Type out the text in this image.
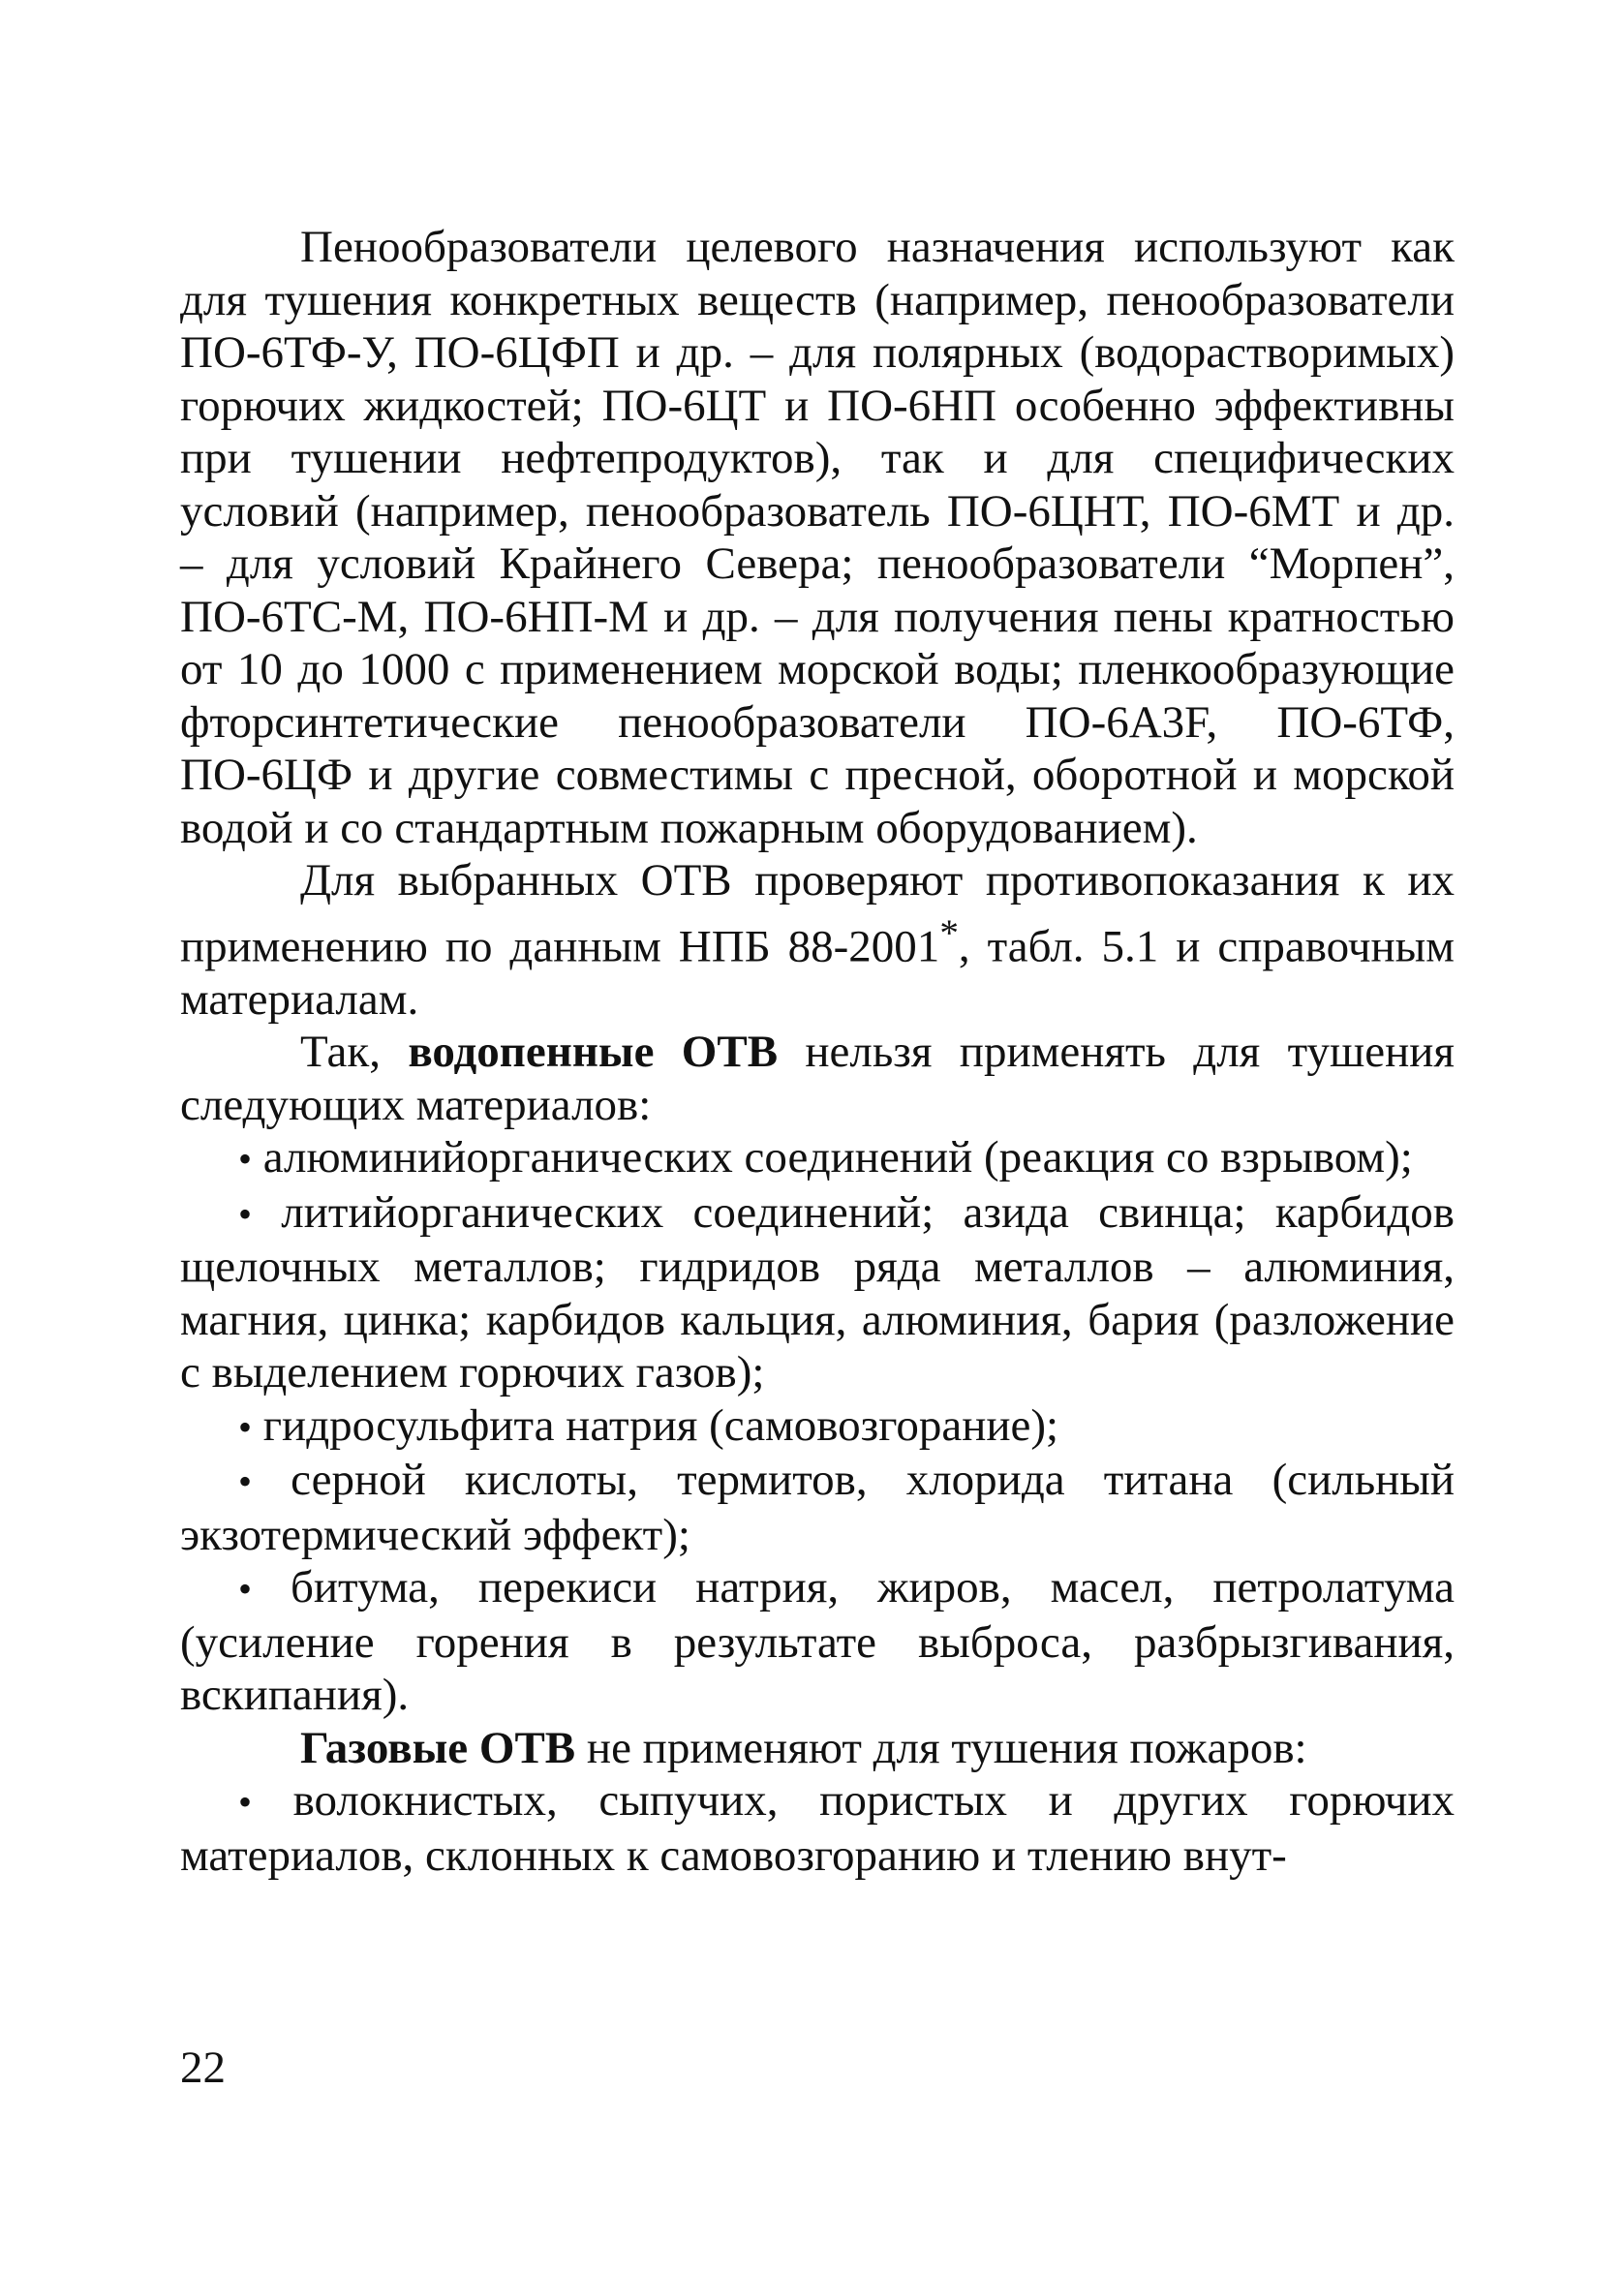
Пенообразователи целевого назначения используют как для тушения конкретных веществ (например, пенообразователи ПО-6ТФ-У, ПО-6ЦФП и др. – для полярных (водорастворимых) горючих жидкостей; ПО-6ЦТ и ПО-6НП особенно эффективны при тушении нефтепродуктов), так и для специфических условий (например, пенообразователь ПО-6ЦНТ, ПО-6МТ и др. – для условий Крайнего Севера; пенообразователи “Морпен”, ПО-6ТС-М, ПО-6НП-М и др. – для получения пены кратностью от 10 до 1000 с применением морской воды; пленкообразующие фторсинтетические пенообразователи ПО-6А3F, ПО-6ТФ, ПО-6ЦФ и другие совместимы с пресной, оборотной и морской водой и со стандартным пожарным оборудованием).

Для выбранных ОТВ проверяют противопоказания к их применению по данным НПБ 88-2001*, табл. 5.1 и справочным материалам.

Так, водопенные ОТВ нельзя применять для тушения следующих материалов:

• алюминийорганических соединений (реакция со взрывом);

• литийорганических соединений; азида свинца; карбидов щелочных металлов; гидридов ряда металлов – алюминия, магния, цинка; карбидов кальция, алюминия, бария (разложение с выделением горючих газов);

• гидросульфита натрия (самовозгорание);

• серной кислоты, термитов, хлорида титана (сильный экзотермический эффект);

• битума, перекиси натрия, жиров, масел, петролатума (усиление горения в результате выброса, разбрызгивания, вскипания).

Газовые ОТВ не применяют для тушения пожаров:

• волокнистых, сыпучих, пористых и других горючих материалов, склонных к самовозгоранию и тлению внут-

22
